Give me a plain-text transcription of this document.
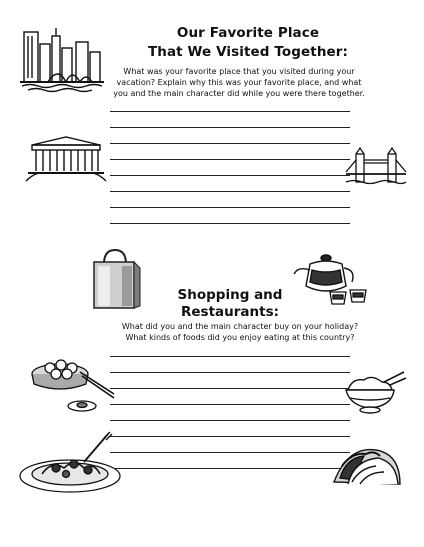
Our Favorite Place
That We Visited Together:
What was your favorite place that you visited during your
vacation? Explain why this was your favorite place, and what
you and the main character did while you were there together.
Shopping and
Restaurants:
What did you and the main character buy on your holiday?
What kinds of foods did you enjoy eating at this country?
